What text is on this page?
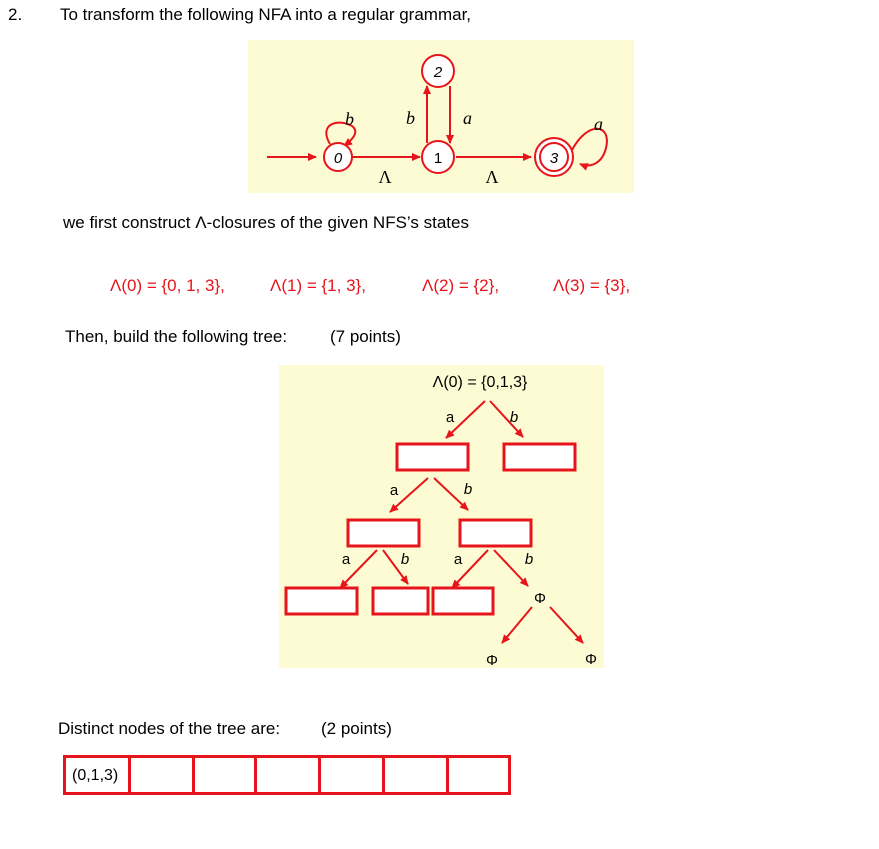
2. To transform the following NFA into a regular grammar,
0	1
2
3
b
Λ
b	a
Λ
a
we first construct Λ-closures of the given NFS’s states
Λ(0) = {0, 1, 3},	Λ(1) = {1, 3},	Λ(2) = {2},	Λ(3) = {3},
Then, build the following tree:	(7 points)
Λ(0) = {0,1,3}
a	b
a	b
a	b	a	b
Φ
Φ	Φ
Distinct nodes of the tree are: (2 points)
(0,1,3)
